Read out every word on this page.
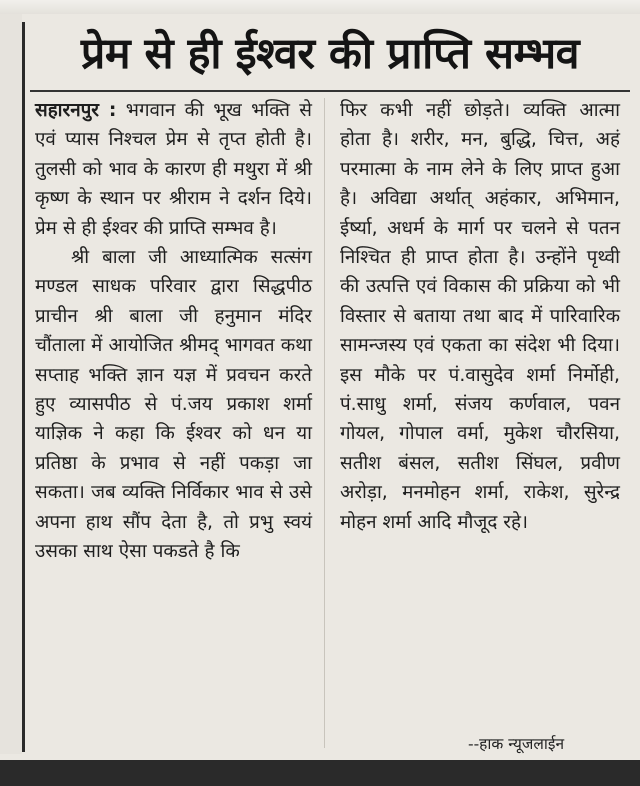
प्रेम से ही ईश्वर की प्राप्ति सम्भव

सहारनपुर : भगवान की भूख भक्ति से एवं प्यास निश्चल प्रेम से तृप्त होती है। तुलसी को भाव के कारण ही मथुरा में श्री कृष्ण के स्थान पर श्रीराम ने दर्शन दिये। प्रेम से ही ईश्वर की प्राप्ति सम्भव है।

श्री बाला जी आध्यात्मिक सत्संग मण्डल साधक परिवार द्वारा सिद्धपीठ प्राचीन श्री बाला जी हनुमान मंदिर चौंताला में आयोजित श्रीमद् भागवत कथा सप्ताह भक्ति ज्ञान यज्ञ में प्रवचन करते हुए व्यासपीठ से पं.जय प्रकाश शर्मा याज्ञिक ने कहा कि ईश्वर को धन या प्रतिष्ठा के प्रभाव से नहीं पकड़ा जा सकता। जब व्यक्ति निर्विकार भाव से उसे अपना हाथ सौंप देता है, तो प्रभु स्वयं उसका साथ ऐसा पकडते है कि

फिर कभी नहीं छोड़ते। व्यक्ति आत्मा होता है। शरीर, मन, बुद्धि, चित्त, अहं परमात्मा के नाम लेने के लिए प्राप्त हुआ है। अविद्या अर्थात् अहंकार, अभिमान, ईर्ष्या, अधर्म के मार्ग पर चलने से पतन निश्चित ही प्राप्त होता है। उन्होंने पृथ्वी की उत्पत्ति एवं विकास की प्रक्रिया को भी विस्तार से बताया तथा बाद में पारिवारिक सामन्जस्य एवं एकता का संदेश भी दिया। इस मौके पर पं.वासुदेव शर्मा निर्मोही, पं.साधु शर्मा, संजय कर्णवाल, पवन गोयल, गोपाल वर्मा, मुकेश चौरसिया, सतीश बंसल, सतीश सिंघल, प्रवीण अरोड़ा, मनमोहन शर्मा, राकेश, सुरेन्द्र मोहन शर्मा आदि मौजूद रहे।

--हाक न्यूजलाईन
